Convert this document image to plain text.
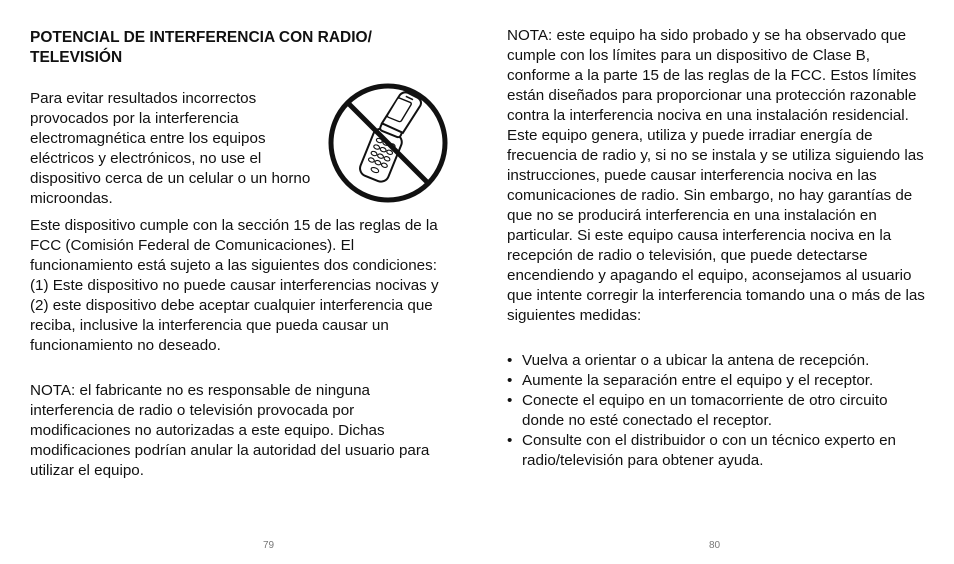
POTENCIAL DE INTERFERENCIA CON RADIO/ TELEVISIÓN

Para evitar resultados incorrectos provocados por la interferencia electromagnética entre los equipos eléctricos y electrónicos, no use el dispositivo cerca de un celular o un horno microondas.

Este dispositivo cumple con la sección 15 de las reglas de la FCC (Comisión Federal de Comunicaciones). El funcionamiento está sujeto a las siguientes dos condiciones: (1) Este dispositivo no puede causar interferencias nocivas y (2) este dispositivo debe aceptar cualquier interferencia que reciba, inclusive la interferencia que pueda causar un funcionamiento no deseado.

NOTA: el fabricante no es responsable de ninguna interferencia de radio o televisión provocada por modificaciones no autorizadas a este equipo. Dichas modificaciones podrían anular la autoridad del usuario para utilizar el equipo.

79

NOTA: este equipo ha sido probado y se ha observado que cumple con los límites para un dispositivo de Clase B, conforme a la parte 15 de las reglas de la FCC. Estos límites están diseñados para proporcionar una protección razonable contra la interferencia nociva en una instalación residencial. Este equipo genera, utiliza y puede irradiar energía de frecuencia de radio y, si no se instala y se utiliza siguiendo las instrucciones, puede causar interferencia nociva en las comunicaciones de radio. Sin embargo, no hay garantías de que no se producirá interferencia en una instalación en particular. Si este equipo causa interferencia nociva en la recepción de radio o televisión, que puede detectarse encendiendo y apagando el equipo, aconsejamos al usuario que intente corregir la interferencia tomando una o más de las siguientes medidas:

• Vuelva a orientar o a ubicar la antena de recepción.
• Aumente la separación entre el equipo y el receptor.
• Conecte el equipo en un tomacorriente de otro circuito donde no esté conectado el receptor.
• Consulte con el distribuidor o con un técnico experto en radio/televisión para obtener ayuda.
80
